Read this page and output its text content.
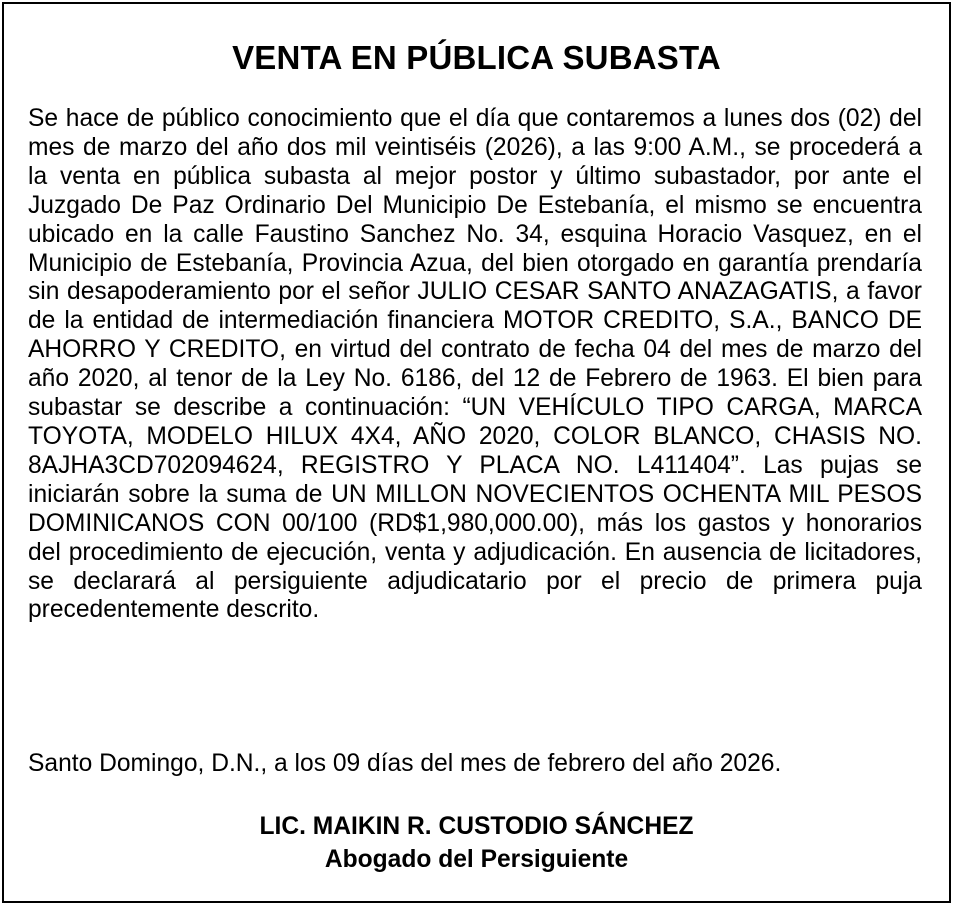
VENTA EN PÚBLICA SUBASTA

Se hace de público conocimiento que el día que contaremos a lunes dos (02) del mes de marzo del año dos mil veintiséis (2026), a las 9:00 A.M., se procederá a la venta en pública subasta al mejor postor y último subastador, por ante el Juzgado De Paz Ordinario Del Municipio De Estebanía, el mismo se encuentra ubicado en la calle Faustino Sanchez No. 34, esquina Horacio Vasquez, en el Municipio de Estebanía, Provincia Azua, del bien otorgado en garantía prendaría sin desapoderamiento por el señor JULIO CESAR SANTO ANAZAGATIS, a favor de la entidad de intermediación financiera MOTOR CREDITO, S.A., BANCO DE AHORRO Y CREDITO, en virtud del contrato de fecha 04 del mes de marzo del año 2020, al tenor de la Ley No. 6186, del 12 de Febrero de 1963. El bien para subastar se describe a continuación: “UN VEHÍCULO TIPO CARGA, MARCA TOYOTA, MODELO HILUX 4X4, AÑO 2020, COLOR BLANCO, CHASIS NO. 8AJHA3CD702094624, REGISTRO Y PLACA NO. L411404”. Las pujas se iniciarán sobre la suma de UN MILLON NOVECIENTOS OCHENTA MIL PESOS DOMINICANOS CON 00/100 (RD$1,980,000.00), más los gastos y honorarios del procedimiento de ejecución, venta y adjudicación. En ausencia de licitadores, se declarará al persiguiente adjudicatario por el precio de primera puja precedentemente descrito.

Santo Domingo, D.N., a los 09 días del mes de febrero del año 2026.

LIC. MAIKIN R. CUSTODIO SÁNCHEZ

Abogado del Persiguiente
